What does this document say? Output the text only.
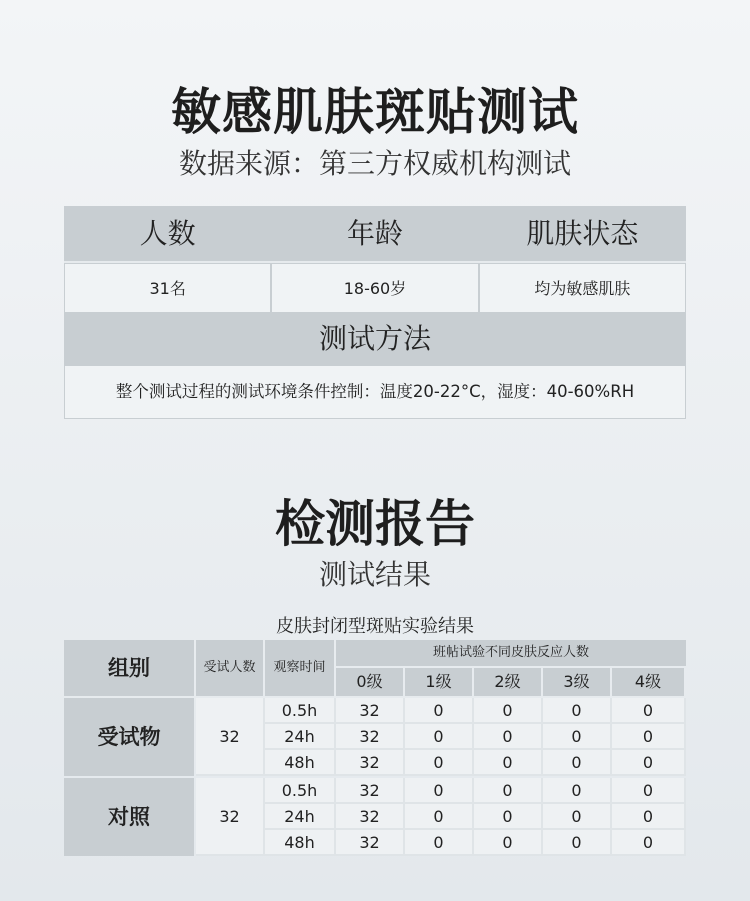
敏感肌肤斑贴测试
数据来源：第三方权威机构测试
人数	年龄	肌肤状态
31名	18-60岁	均为敏感肌肤
测试方法
整个测试过程的测试环境条件控制：温度20-22°C，湿度：40-60%RH
检测报告
测试结果
皮肤封闭型斑贴实验结果
组别	受试人数	观察时间
班帖试验不同皮肤反应人数
0级	1级	2级	3级	4级
受试物	32
0.5h	32	0	0	0	0
24h	32	0	0	0	0
48h	32	0	0	0	0
对照	32
0.5h	32	0	0	0	0
24h	32	0	0	0	0
48h	32	0	0	0	0
